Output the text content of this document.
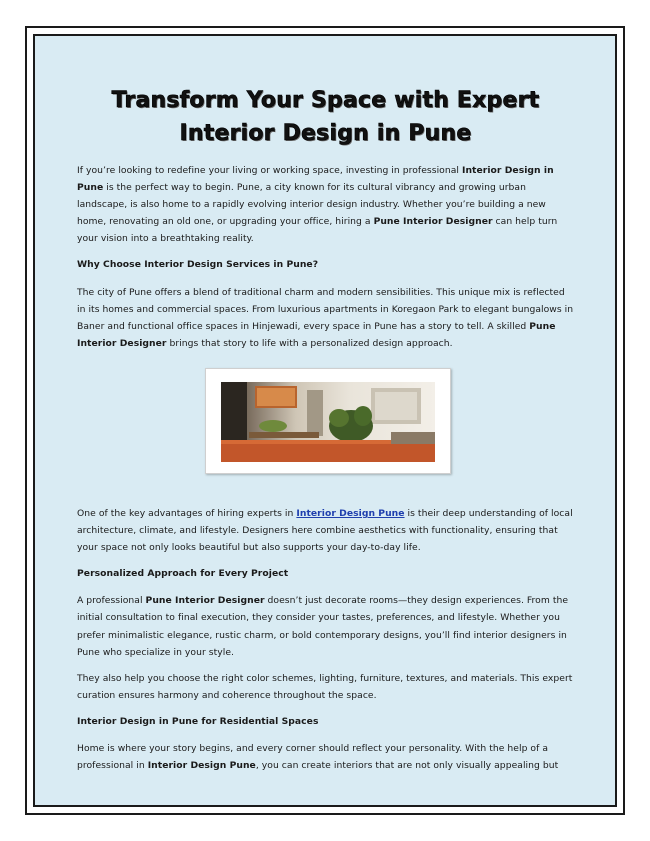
Transform Your Space with Expert Interior Design in Pune

If you’re looking to redefine your living or working space, investing in professional Interior Design in Pune is the perfect way to begin. Pune, a city known for its cultural vibrancy and growing urban landscape, is also home to a rapidly evolving interior design industry. Whether you’re building a new home, renovating an old one, or upgrading your office, hiring a Pune Interior Designer can help turn your vision into a breathtaking reality.

Why Choose Interior Design Services in Pune?

The city of Pune offers a blend of traditional charm and modern sensibilities. This unique mix is reflected in its homes and commercial spaces. From luxurious apartments in Koregaon Park to elegant bungalows in Baner and functional office spaces in Hinjewadi, every space in Pune has a story to tell. A skilled Pune Interior Designer brings that story to life with a personalized design approach.

One of the key advantages of hiring experts in Interior Design Pune is their deep understanding of local architecture, climate, and lifestyle. Designers here combine aesthetics with functionality, ensuring that your space not only looks beautiful but also supports your day-to-day life.

Personalized Approach for Every Project

A professional Pune Interior Designer doesn’t just decorate rooms—they design experiences. From the initial consultation to final execution, they consider your tastes, preferences, and lifestyle. Whether you prefer minimalistic elegance, rustic charm, or bold contemporary designs, you’ll find interior designers in Pune who specialize in your style.

They also help you choose the right color schemes, lighting, furniture, textures, and materials. This expert curation ensures harmony and coherence throughout the space.

Interior Design in Pune for Residential Spaces

Home is where your story begins, and every corner should reflect your personality. With the help of a professional in Interior Design Pune, you can create interiors that are not only visually appealing but
